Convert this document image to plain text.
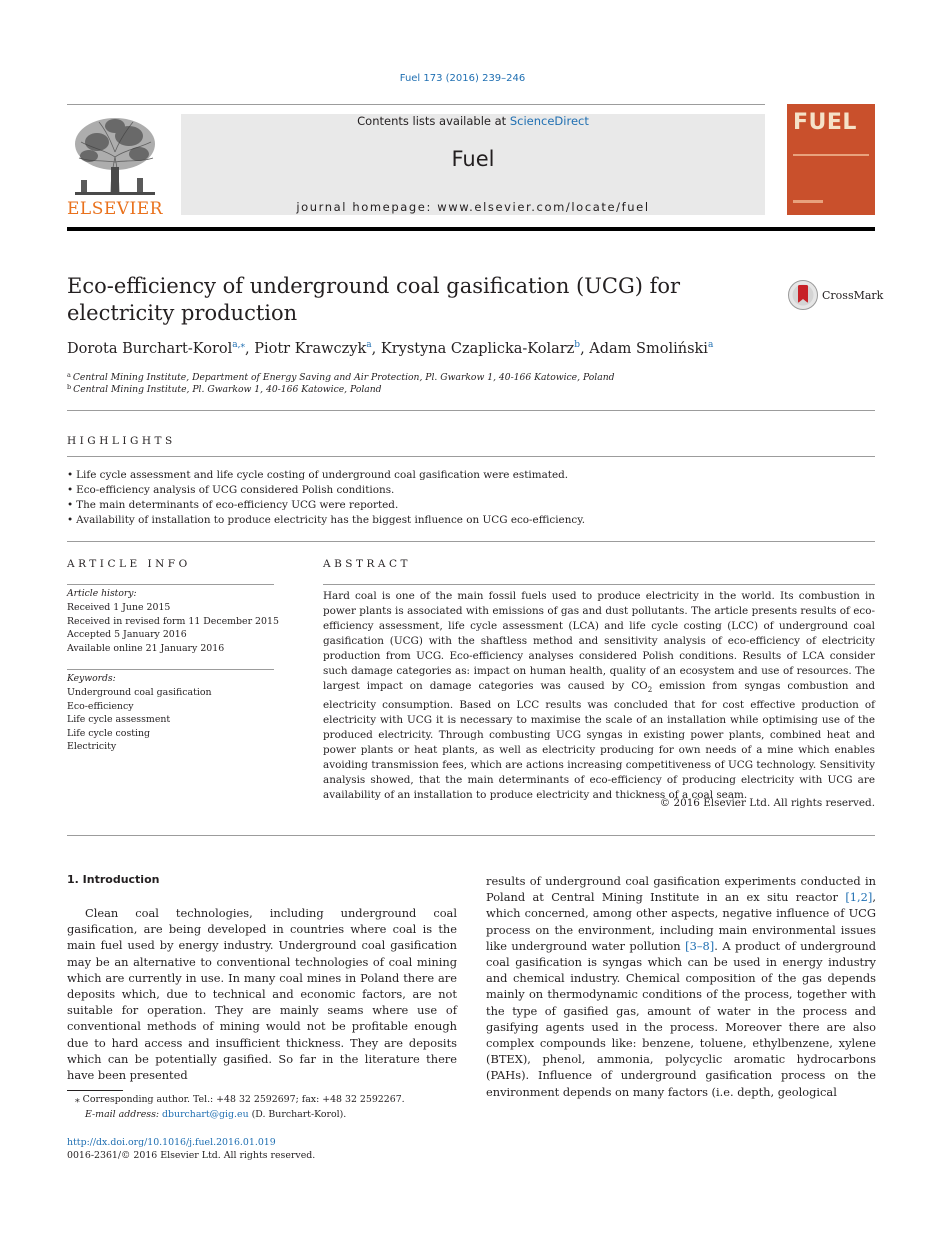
Fuel 173 (2016) 239–246
ELSEVIER
Contents lists available at ScienceDirect
Fuel
journal homepage: www.elsevier.com/locate/fuel
FUEL
Eco-efficiency of underground coal gasification (UCG) for electricity production
CrossMark
Dorota Burchart-Korol$^{a,⁎}$, Piotr Krawczyk$^a$, Krystyna Czaplicka-Kolarz$^b$, Adam Smoliński$^a$
$^a$ Central Mining Institute, Department of Energy Saving and Air Protection, Pl. Gwarkow 1, 40-166 Katowice, Poland
$^b$ Central Mining Institute, Pl. Gwarkow 1, 40-166 Katowice, Poland
HIGHLIGHTS
• Life cycle assessment and life cycle costing of underground coal gasification were estimated.
• Eco-efficiency analysis of UCG considered Polish conditions.
• The main determinants of eco-efficiency UCG were reported.
• Availability of installation to produce electricity has the biggest influence on UCG eco-efficiency.
ARTICLE INFO
Article history:
Received 1 June 2015
Received in revised form 11 December 2015
Accepted 5 January 2016
Available online 21 January 2016
Keywords:
Underground coal gasification
Eco-efficiency
Life cycle assessment
Life cycle costing
Electricity
ABSTRACT
Hard coal is one of the main fossil fuels used to produce electricity in the world. Its combustion in power plants is associated with emissions of gas and dust pollutants. The article presents results of eco-efficiency assessment, life cycle assessment (LCA) and life cycle costing (LCC) of underground coal gasification (UCG) with the shaftless method and sensitivity analysis of eco-efficiency of electricity production from UCG. Eco-efficiency analyses considered Polish conditions. Results of LCA consider such damage categories as: impact on human health, quality of an ecosystem and use of resources. The largest impact on damage categories was caused by $CO_2$ emission from syngas combustion and electricity consumption. Based on LCC results was concluded that for cost effective production of electricity with UCG it is necessary to maximise the scale of an installation while optimising use of the produced electricity. Through combusting UCG syngas in existing power plants, combined heat and power plants or heat plants, as well as electricity producing for own needs of a mine which enables avoiding transmission fees, which are actions increasing competitiveness of UCG technology. Sensitivity analysis showed, that the main determinants of eco-efficiency of producing electricity with UCG are availability of an installation to produce electricity and thickness of a coal seam.
© 2016 Elsevier Ltd. All rights reserved.
1. Introduction
Clean coal technologies, including underground coal gasification, are being developed in countries where coal is the main fuel used by energy industry. Underground coal gasification may be an alternative to conventional technologies of coal mining which are currently in use. In many coal mines in Poland there are deposits which, due to technical and economic factors, are not suitable for operation. They are mainly seams where use of conventional methods of mining would not be profitable enough due to hard access and insufficient thickness. They are deposits which can be potentially gasified. So far in the literature there have been presented
results of underground coal gasification experiments conducted in Poland at Central Mining Institute in an ex situ reactor [1,2], which concerned, among other aspects, negative influence of UCG process on the environment, including main environmental issues like underground water pollution [3–8]. A product of underground coal gasification is syngas which can be used in energy industry and chemical industry. Chemical composition of the gas depends mainly on thermodynamic conditions of the process, together with the type of gasified gas, amount of water in the process and gasifying agents used in the process. Moreover there are also complex compounds like: benzene, toluene, ethylbenzene, xylene (BTEX), phenol, ammonia, polycyclic aromatic hydrocarbons (PAHs). Influence of underground gasification process on the environment depends on many factors (i.e. depth, geological
⁎ Corresponding author. Tel.: +48 32 2592697; fax: +48 32 2592267.
E-mail address: dburchart@gig.eu (D. Burchart-Korol).
http://dx.doi.org/10.1016/j.fuel.2016.01.019
0016-2361/© 2016 Elsevier Ltd. All rights reserved.
